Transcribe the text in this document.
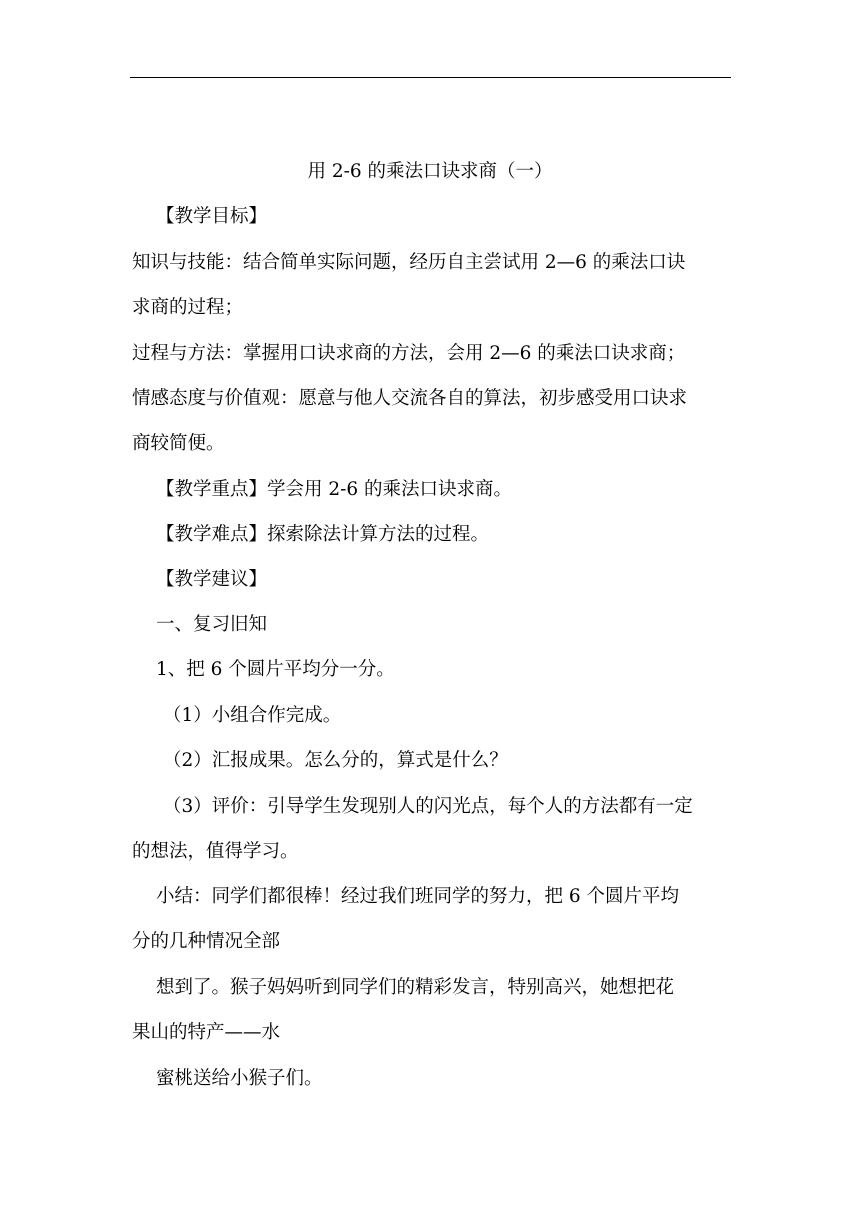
用 2-6 的乘法口诀求商（一）
【教学目标】
知识与技能：结合简单实际问题，经历自主尝试用 2—6 的乘法口诀
求商的过程；
过程与方法：掌握用口诀求商的方法，会用 2—6 的乘法口诀求商；
情感态度与价值观：愿意与他人交流各自的算法，初步感受用口诀求
商较简便。
【教学重点】学会用 2-6 的乘法口诀求商。
【教学难点】探索除法计算方法的过程。
【教学建议】
一、复习旧知
1、把 6 个圆片平均分一分。
（1）小组合作完成。
（2）汇报成果。怎么分的，算式是什么？
（3）评价：引导学生发现别人的闪光点，每个人的方法都有一定
的想法，值得学习。
小结：同学们都很棒！经过我们班同学的努力，把 6 个圆片平均
分的几种情况全部
想到了。猴子妈妈听到同学们的精彩发言，特别高兴，她想把花
果山的特产——水
蜜桃送给小猴子们。
